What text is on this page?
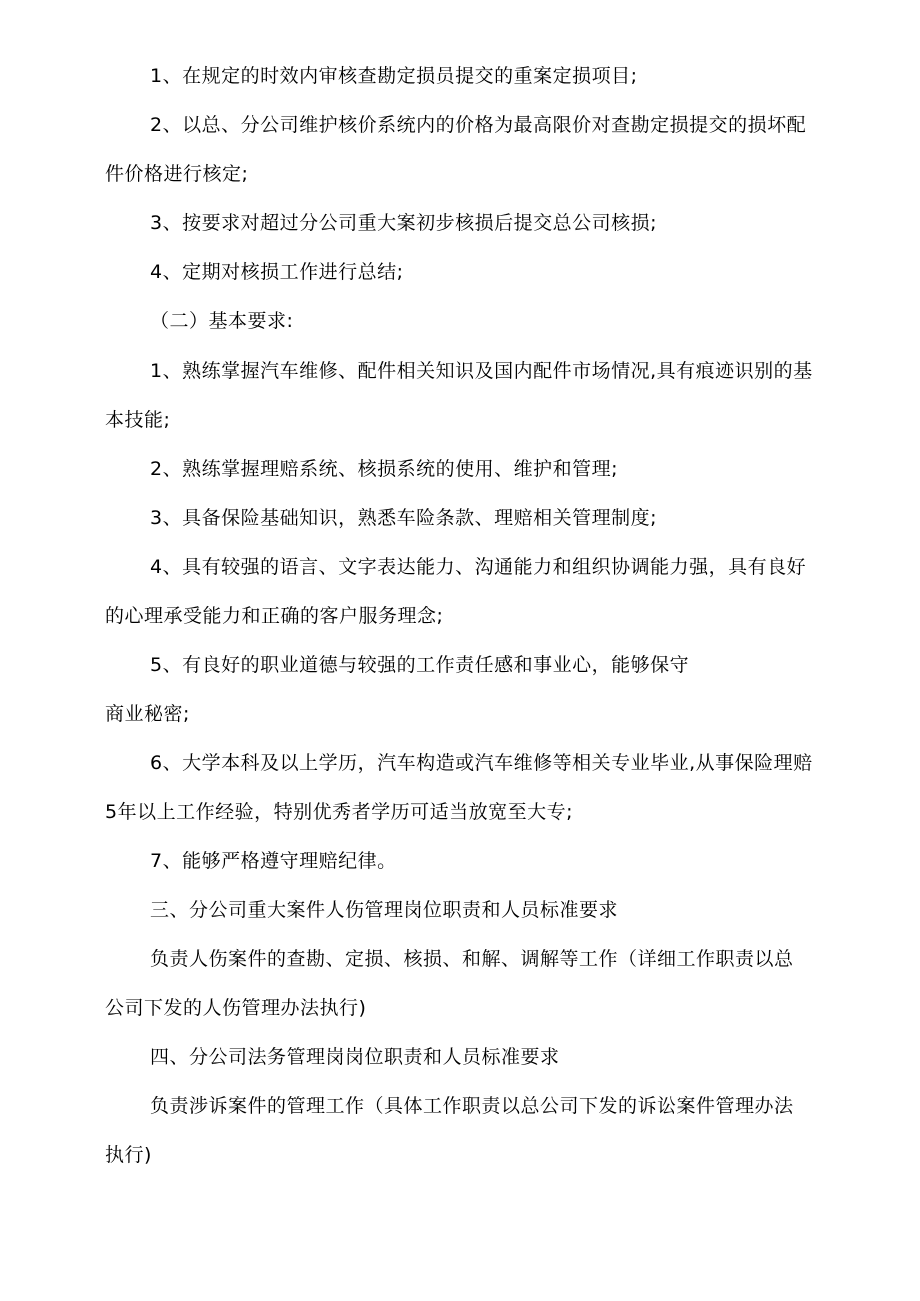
1、在规定的时效内审核查勘定损员提交的重案定损项目;
2、以总、分公司维护核价系统内的价格为最高限价对查勘定损提交的损坏配
件价格进行核定;
3、按要求对超过分公司重大案初步核损后提交总公司核损;
4、定期对核损工作进行总结;
（二）基本要求:
1、熟练掌握汽车维修、配件相关知识及国内配件市场情况,具有痕迹识别的基
本技能;
2、熟练掌握理赔系统、核损系统的使用、维护和管理;
3、具备保险基础知识，熟悉车险条款、理赔相关管理制度;
4、具有较强的语言、文字表达能力、沟通能力和组织协调能力强，具有良好
的心理承受能力和正确的客户服务理念;
5、有良好的职业道德与较强的工作责任感和事业心，能够保守
商业秘密;
6、大学本科及以上学历，汽车构造或汽车维修等相关专业毕业,从事保险理赔
5年以上工作经验，特别优秀者学历可适当放宽至大专;
7、能够严格遵守理赔纪律。
三、分公司重大案件人伤管理岗位职责和人员标准要求
负责人伤案件的查勘、定损、核损、和解、调解等工作（详细工作职责以总
公司下发的人伤管理办法执行)
四、分公司法务管理岗岗位职责和人员标准要求
负责涉诉案件的管理工作（具体工作职责以总公司下发的诉讼案件管理办法
执行)
